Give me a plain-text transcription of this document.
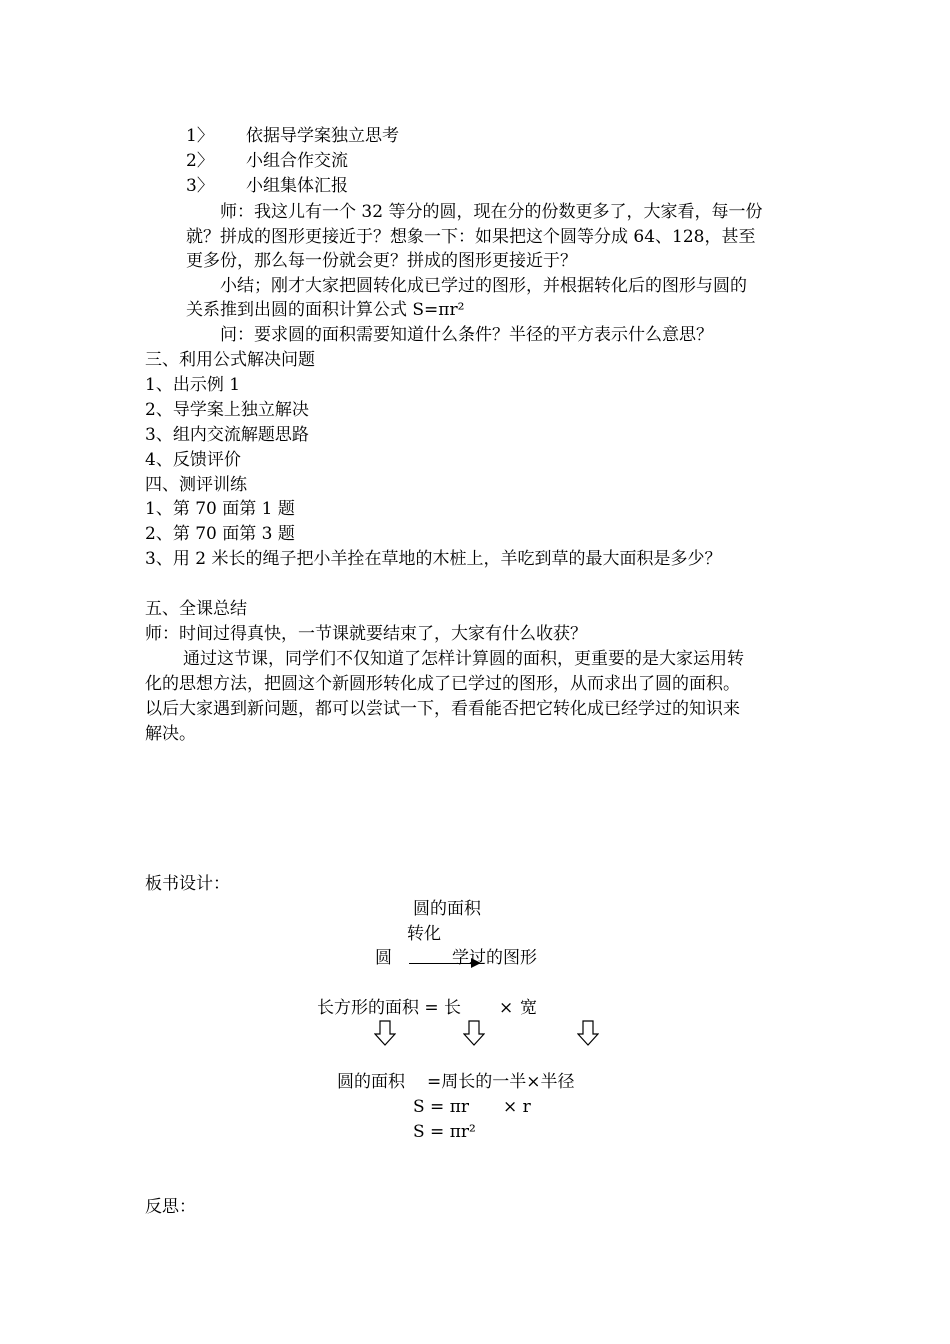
1〉 依据导学案独立思考
2〉 小组合作交流
3〉 小组集体汇报
师：我这儿有一个 32 等分的圆，现在分的份数更多了，大家看，每一份
就？拼成的图形更接近于？想象一下：如果把这个圆等分成 64、128，甚至
更多份，那么每一份就会更？拼成的图形更接近于？
小结；刚才大家把圆转化成已学过的图形，并根据转化后的图形与圆的
关系推到出圆的面积计算公式 S=πr²
问：要求圆的面积需要知道什么条件？半径的平方表示什么意思？
三、利用公式解决问题
1、出示例 1
2、导学案上独立解决
3、组内交流解题思路
4、反馈评价
四、测评训练
1、第 70 面第 1 题
2、第 70 面第 3 题
3、用 2 米长的绳子把小羊拴在草地的木桩上，羊吃到草的最大面积是多少？
五、全课总结
师：时间过得真快，一节课就要结束了，大家有什么收获？
通过这节课，同学们不仅知道了怎样计算圆的面积，更重要的是大家运用转
化的思想方法，把圆这个新圆形转化成了已学过的图形，从而求出了圆的面积。
以后大家遇到新问题，都可以尝试一下，看看能否把它转化成已经学过的知识来
解决。
板书设计：
圆的面积
转化
圆	学过的图形
长方形的面积 = 长 × 宽
圆的面积 =周长的一半×半径
S = πr × r
S = πr²
反思：
